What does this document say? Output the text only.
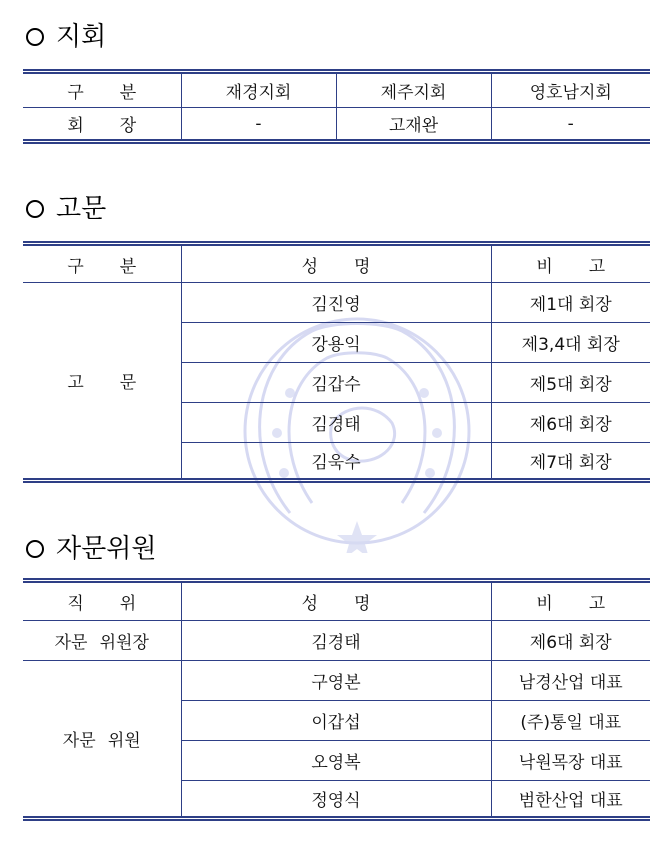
지회
구 분	재경지회	제주지회	영호남지회
회 장	-	고재완	-
고문
구 분	성 명	비 고
고 문	김진영	제1대 회장
	강용익	제3,4대 회장
	김갑수	제5대 회장
	김경태	제6대 회장
	김욱수	제7대 회장
자문위원
직 위	성 명	비 고
자문 위원장	김경태	제6대 회장
자문 위원	구영본	남경산업 대표
	이갑섭	(주)통일 대표
	오영복	낙원목장 대표
	정영식	범한산업 대표
